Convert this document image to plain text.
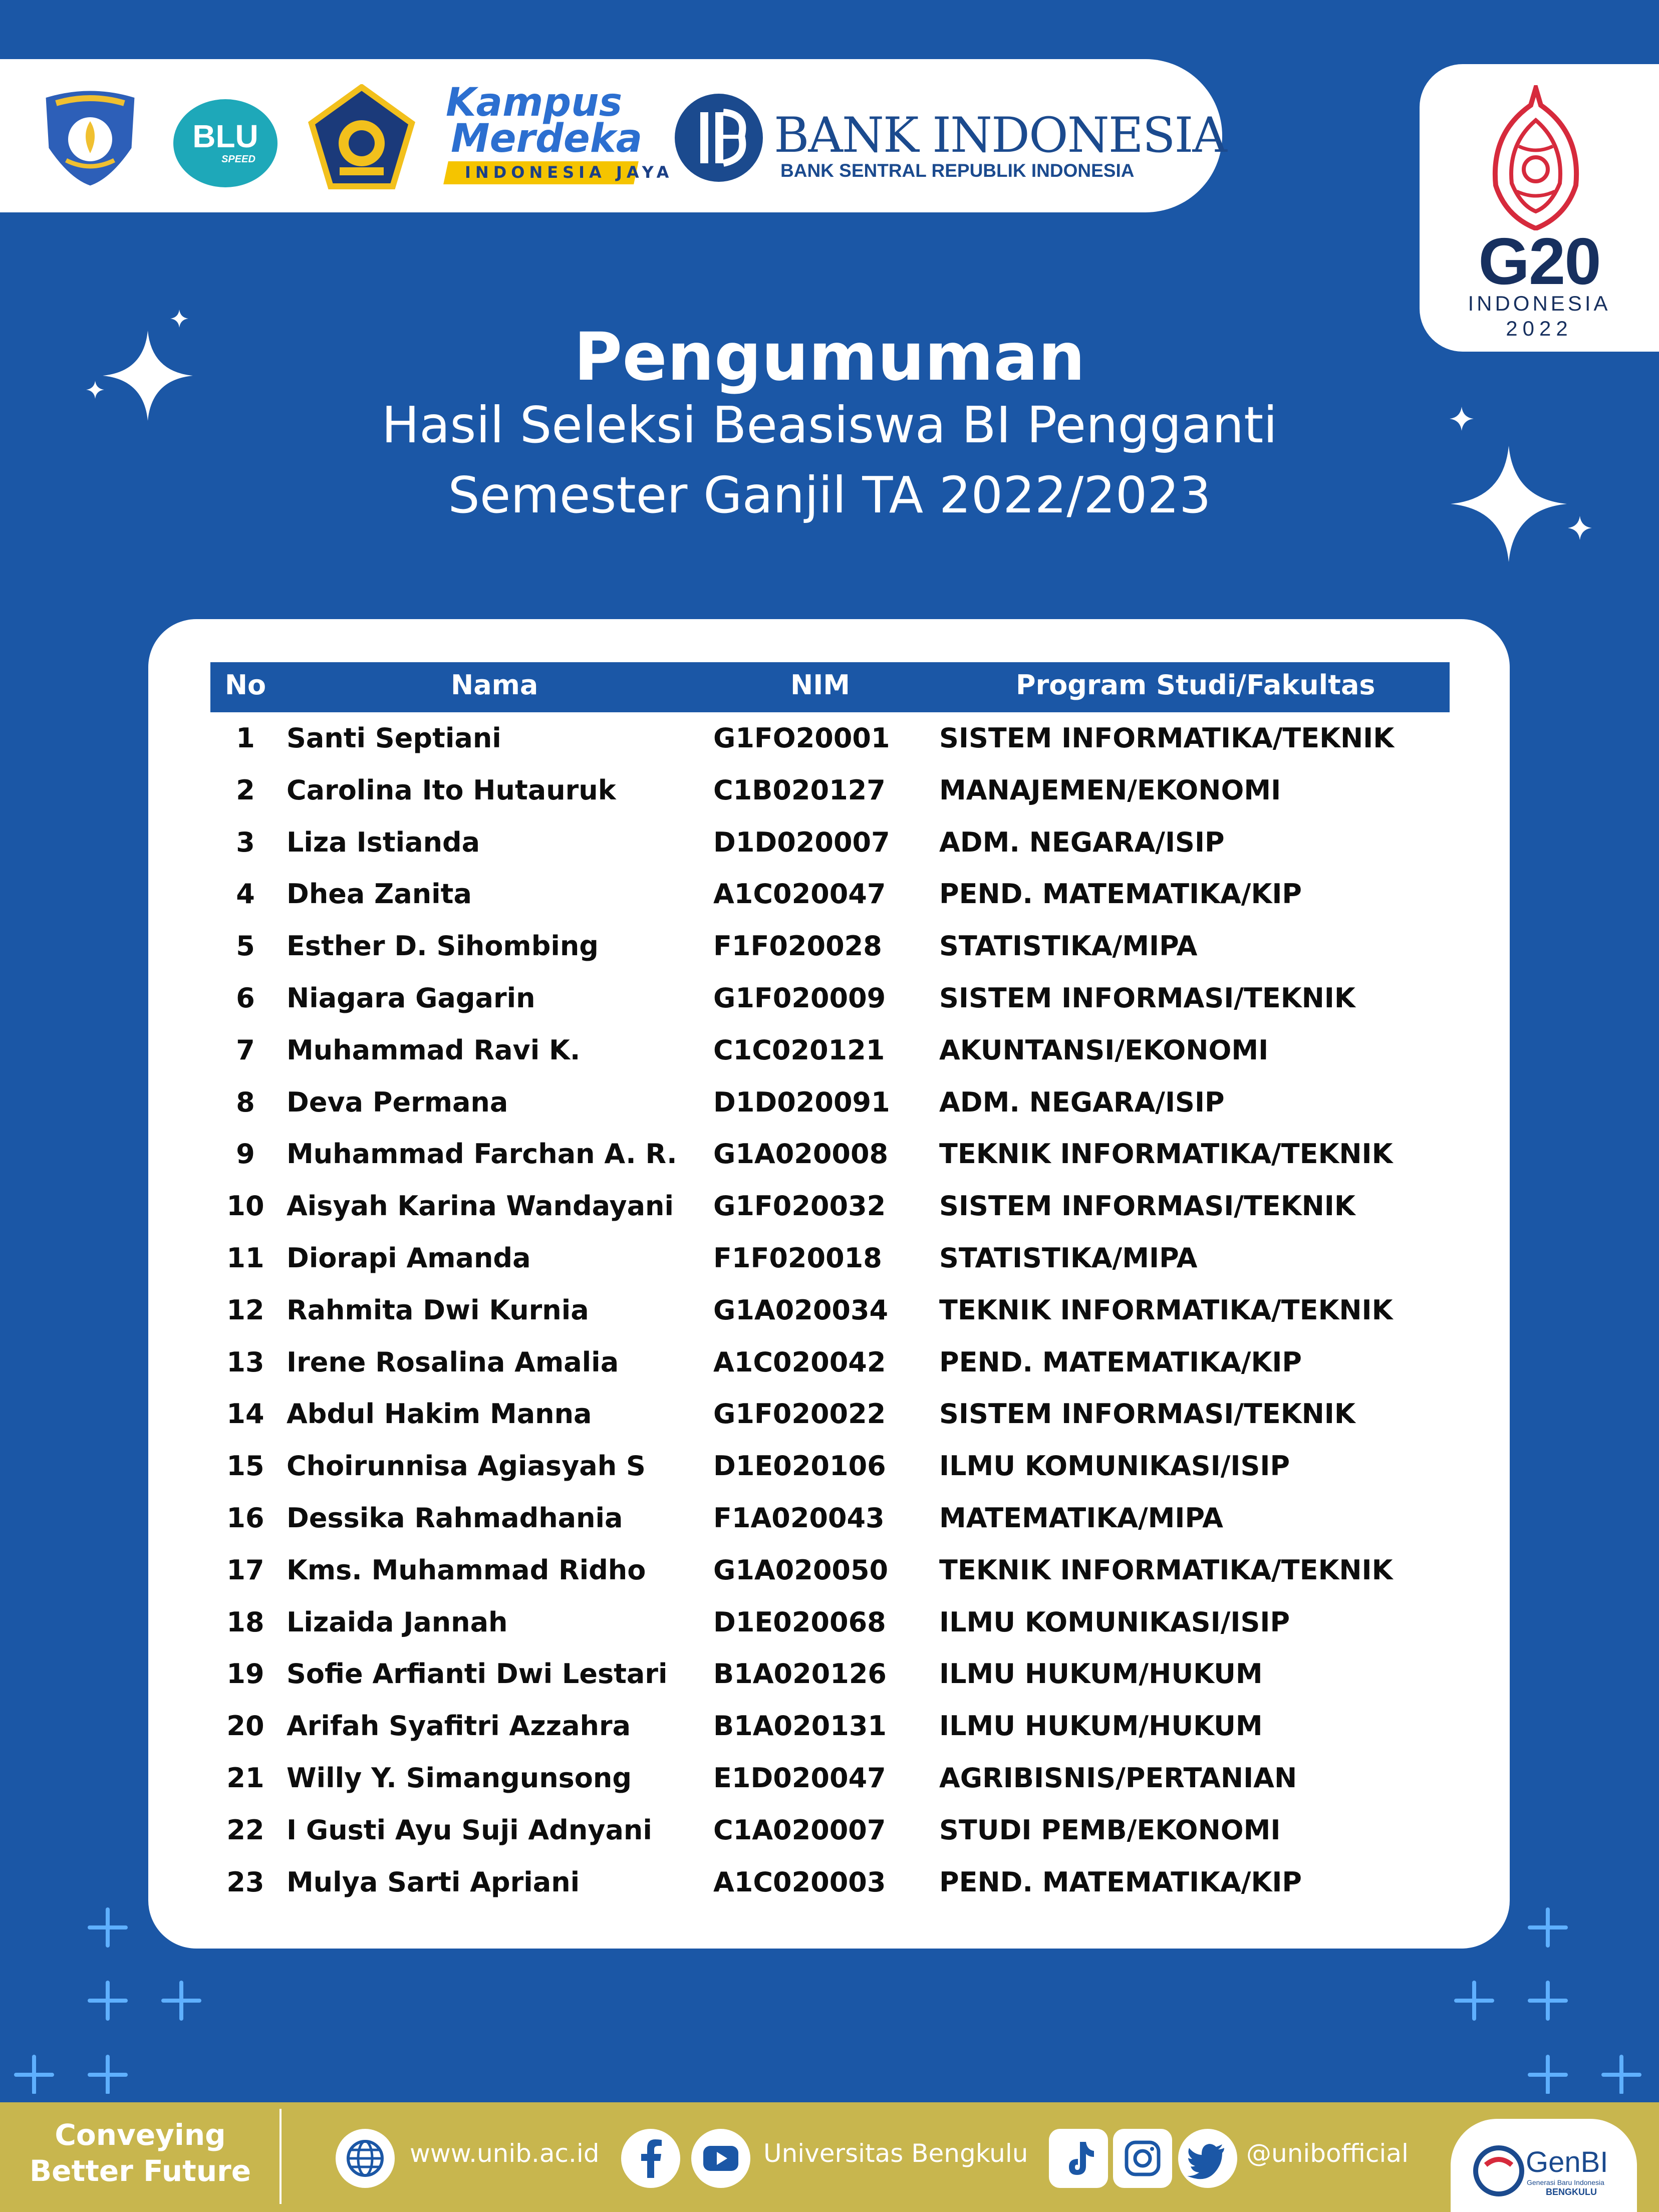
BLU
SPEED
Kampus
Merdeka
INDONESIA JAYA
BANK INDONESIA
BANK SENTRAL REPUBLIK INDONESIA
G20
INDONESIA
2022
Pengumuman
Hasil Seleksi Beasiswa BI Pengganti
Semester Ganjil TA 2022/2023
No	Nama	NIM	Program Studi/Fakultas
1	Santi Septiani	G1FO20001 SISTEM INFORMATIKA/TEKNIK
2	Carolina Ito Hutauruk	C1B020127 MANAJEMEN/EKONOMI
3	Liza Istianda	D1D020007 ADM. NEGARA/ISIP
4	Dhea Zanita	A1C020047 PEND. MATEMATIKA/KIP
5	Esther D. Sihombing	F1F020028 STATISTIKA/MIPA
6	Niagara Gagarin	G1F020009 SISTEM INFORMASI/TEKNIK
7	Muhammad Ravi K.	C1C020121 AKUNTANSI/EKONOMI
8	Deva Permana	D1D020091 ADM. NEGARA/ISIP
9	Muhammad Farchan A. R. G1A020008 TEKNIK INFORMATIKA/TEKNIK
10 Aisyah Karina Wandayani G1F020032 SISTEM INFORMASI/TEKNIK
11 Diorapi Amanda	F1F020018 STATISTIKA/MIPA
12 Rahmita Dwi Kurnia	G1A020034 TEKNIK INFORMATIKA/TEKNIK
13 Irene Rosalina Amalia	A1C020042 PEND. MATEMATIKA/KIP
14 Abdul Hakim Manna	G1F020022 SISTEM INFORMASI/TEKNIK
15 Choirunnisa Agiasyah S	D1E020106 ILMU KOMUNIKASI/ISIP
16 Dessika Rahmadhania	F1A020043 MATEMATIKA/MIPA
17 Kms. Muhammad Ridho G1A020050 TEKNIK INFORMATIKA/TEKNIK
18 Lizaida Jannah	D1E020068 ILMU KOMUNIKASI/ISIP
19 Sofie Arfianti Dwi Lestari B1A020126 ILMU HUKUM/HUKUM
20 Arifah Syafitri Azzahra	B1A020131 ILMU HUKUM/HUKUM
21 Willy Y. Simangunsong	E1D020047 AGRIBISNIS/PERTANIAN
22 I Gusti Ayu Suji Adnyani C1A020007 STUDI PEMB/EKONOMI
23 Mulya Sarti Apriani	A1C020003 PEND. MATEMATIKA/KIP
Conveying
Better Future
www.unib.ac.id	Universitas Bengkulu	@unibofficial	GenBI
Generasi Baru Indonesia
BENGKULU
